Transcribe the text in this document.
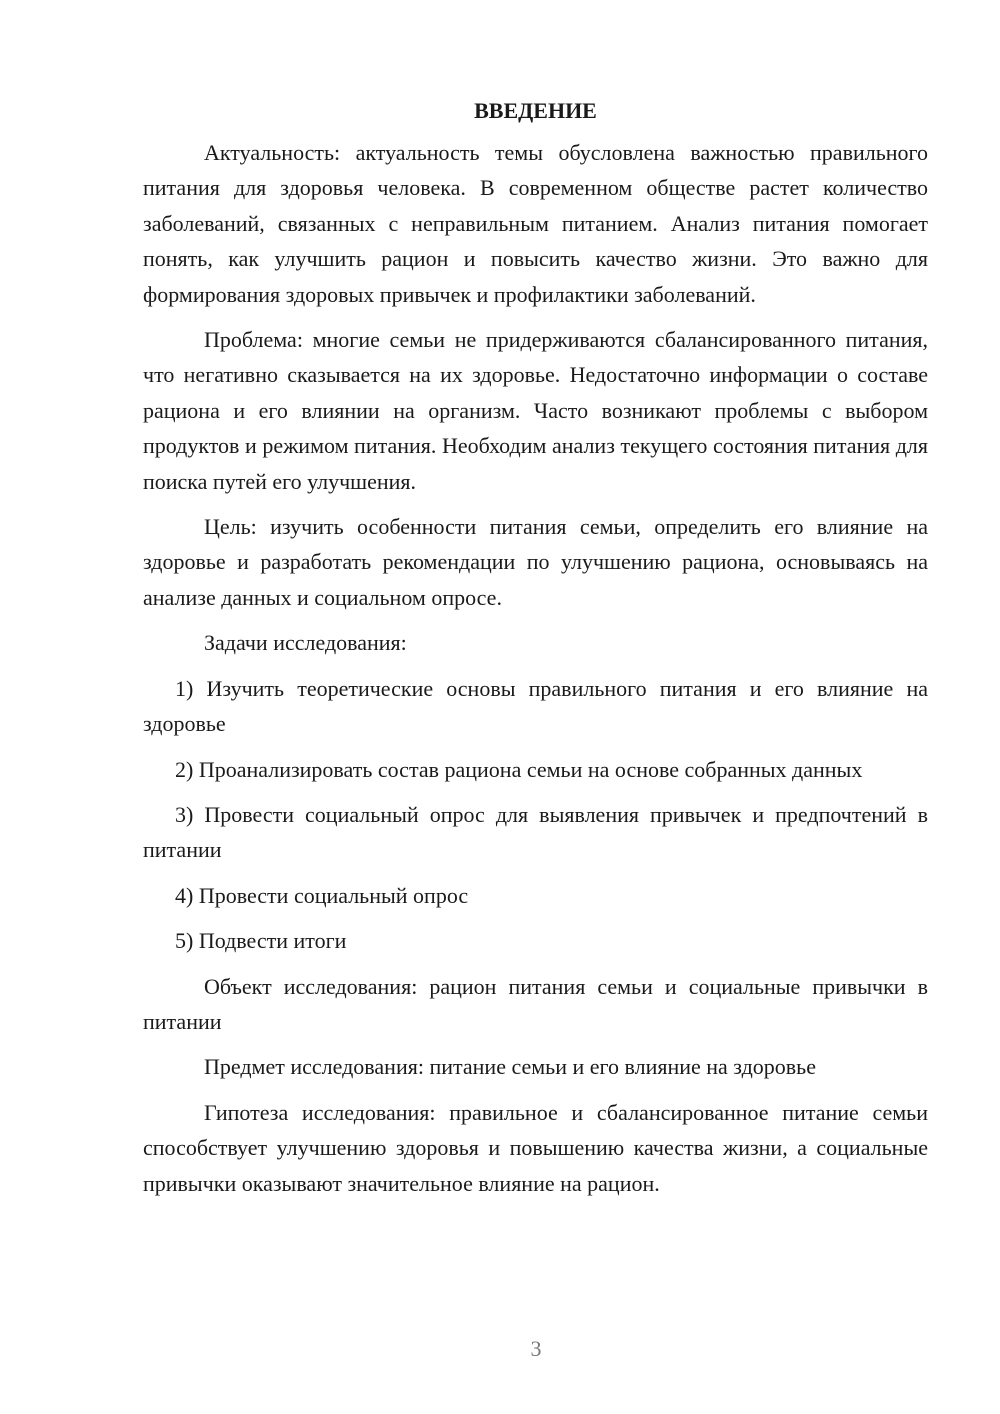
ВВЕДЕНИЕ

Актуальность: актуальность темы обусловлена важностью правильного питания для здоровья человека. В современном обществе растет количество заболеваний, связанных с неправильным питанием. Анализ питания помогает понять, как улучшить рацион и повысить качество жизни. Это важно для формирования здоровых привычек и профилактики заболеваний.

Проблема: многие семьи не придерживаются сбалансированного питания, что негативно сказывается на их здоровье. Недостаточно информации о составе рациона и его влиянии на организм. Часто возникают проблемы с выбором продуктов и режимом питания. Необходим анализ текущего состояния питания для поиска путей его улучшения.

Цель: изучить особенности питания семьи, определить его влияние на здоровье и разработать рекомендации по улучшению рациона, основываясь на анализе данных и социальном опросе.

Задачи исследования:

1) Изучить теоретические основы правильного питания и его влияние на здоровье

2) Проанализировать состав рациона семьи на основе собранных данных

3) Провести социальный опрос для выявления привычек и предпочтений в питании

4) Провести социальный опрос

5) Подвести итоги

Объект исследования: рацион питания семьи и социальные привычки в питании

Предмет исследования: питание семьи и его влияние на здоровье

Гипотеза исследования: правильное и сбалансированное питание семьи способствует улучшению здоровья и повышению качества жизни, а социальные привычки оказывают значительное влияние на рацион.

3
